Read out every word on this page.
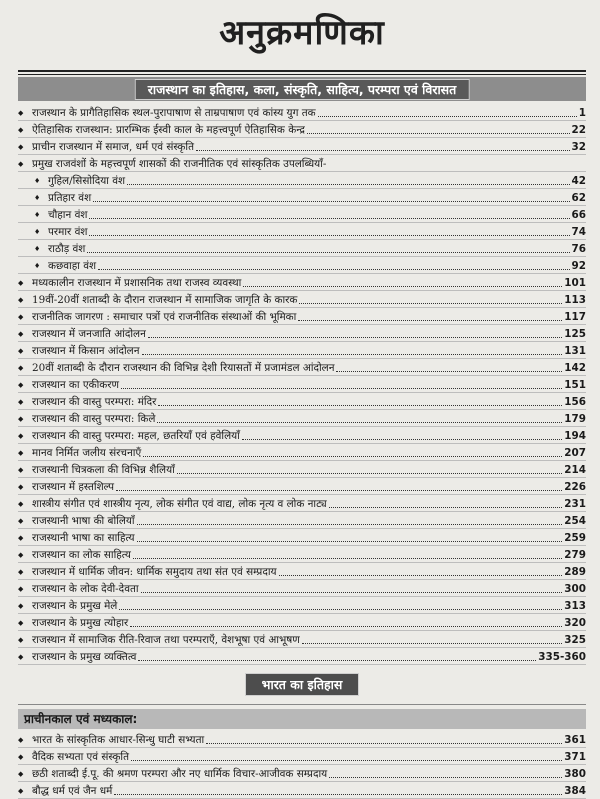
अनुक्रमणिका
राजस्थान का इतिहास, कला, संस्कृति, साहित्य, परम्परा एवं विरासत
◆ राजस्थान के प्रागैतिहासिक स्थल-पुरापाषाण से ताम्रपाषाण एवं कांस्य युग तक	1
◆ ऐतिहासिक राजस्थान: प्रारम्भिक ईस्वी काल के महत्त्वपूर्ण ऐतिहासिक केन्द्र	22
◆ प्राचीन राजस्थान में समाज, धर्म एवं संस्कृति	32
◆ प्रमुख राजवंशों के महत्त्वपूर्ण शासकों की राजनीतिक एवं सांस्कृतिक उपलब्धियाँ-
♦ गुहिल/सिसोदिया वंश	42
♦ प्रतिहार वंश	62
♦ चौहान वंश	66
♦ परमार वंश	74
♦ राठौड़ वंश	76
♦ कछवाहा वंश	92
◆ मध्यकालीन राजस्थान में प्रशासनिक तथा राजस्व व्यवस्था	101
◆ 19वीं-20वीं शताब्दी के दौरान राजस्थान में सामाजिक जागृति के कारक	113
◆ राजनीतिक जागरण : समाचार पत्रों एवं राजनीतिक संस्थाओं की भूमिका	117
◆ राजस्थान में जनजाति आंदोलन	125
◆ राजस्थान में किसान आंदोलन	131
◆ 20वीं शताब्दी के दौरान राजस्थान की विभिन्न देशी रियासतों में प्रजामंडल आंदोलन	142
◆ राजस्थान का एकीकरण	151
◆ राजस्थान की वास्तु परम्परा: मंदिर	156
◆ राजस्थान की वास्तु परम्परा: किले	179
◆ राजस्थान की वास्तु परम्परा: महल, छतरियाँ एवं हवेलियाँ	194
◆ मानव निर्मित जलीय संरचनाएँ	207
◆ राजस्थानी चित्रकला की विभिन्न शैलियाँ	214
◆ राजस्थान में हस्तशिल्प	226
◆ शास्त्रीय संगीत एवं शास्त्रीय नृत्य, लोक संगीत एवं वाद्य, लोक नृत्य व लोक नाट्य	231
◆ राजस्थानी भाषा की बोलियाँ	254
◆ राजस्थानी भाषा का साहित्य	259
◆ राजस्थान का लोक साहित्य	279
◆ राजस्थान में धार्मिक जीवन: धार्मिक समुदाय तथा संत एवं सम्प्रदाय	289
◆ राजस्थान के लोक देवी-देवता	300
◆ राजस्थान के प्रमुख मेले	313
◆ राजस्थान के प्रमुख त्योहार	320
◆ राजस्थान में सामाजिक रीति-रिवाज तथा परम्पराएँ, वेशभूषा एवं आभूषण	325
◆ राजस्थान के प्रमुख व्यक्तित्व	335-360
भारत का इतिहास
प्राचीनकाल एवं मध्यकाल:
◆ भारत के सांस्कृतिक आधार-सिन्धु घाटी सभ्यता	361
◆ वैदिक सभ्यता एवं संस्कृति	371
◆ छठी शताब्दी ई.पू. की श्रमण परम्परा और नए धार्मिक विचार-आजीवक सम्प्रदाय	380
◆ बौद्ध धर्म एवं जैन धर्म	384
